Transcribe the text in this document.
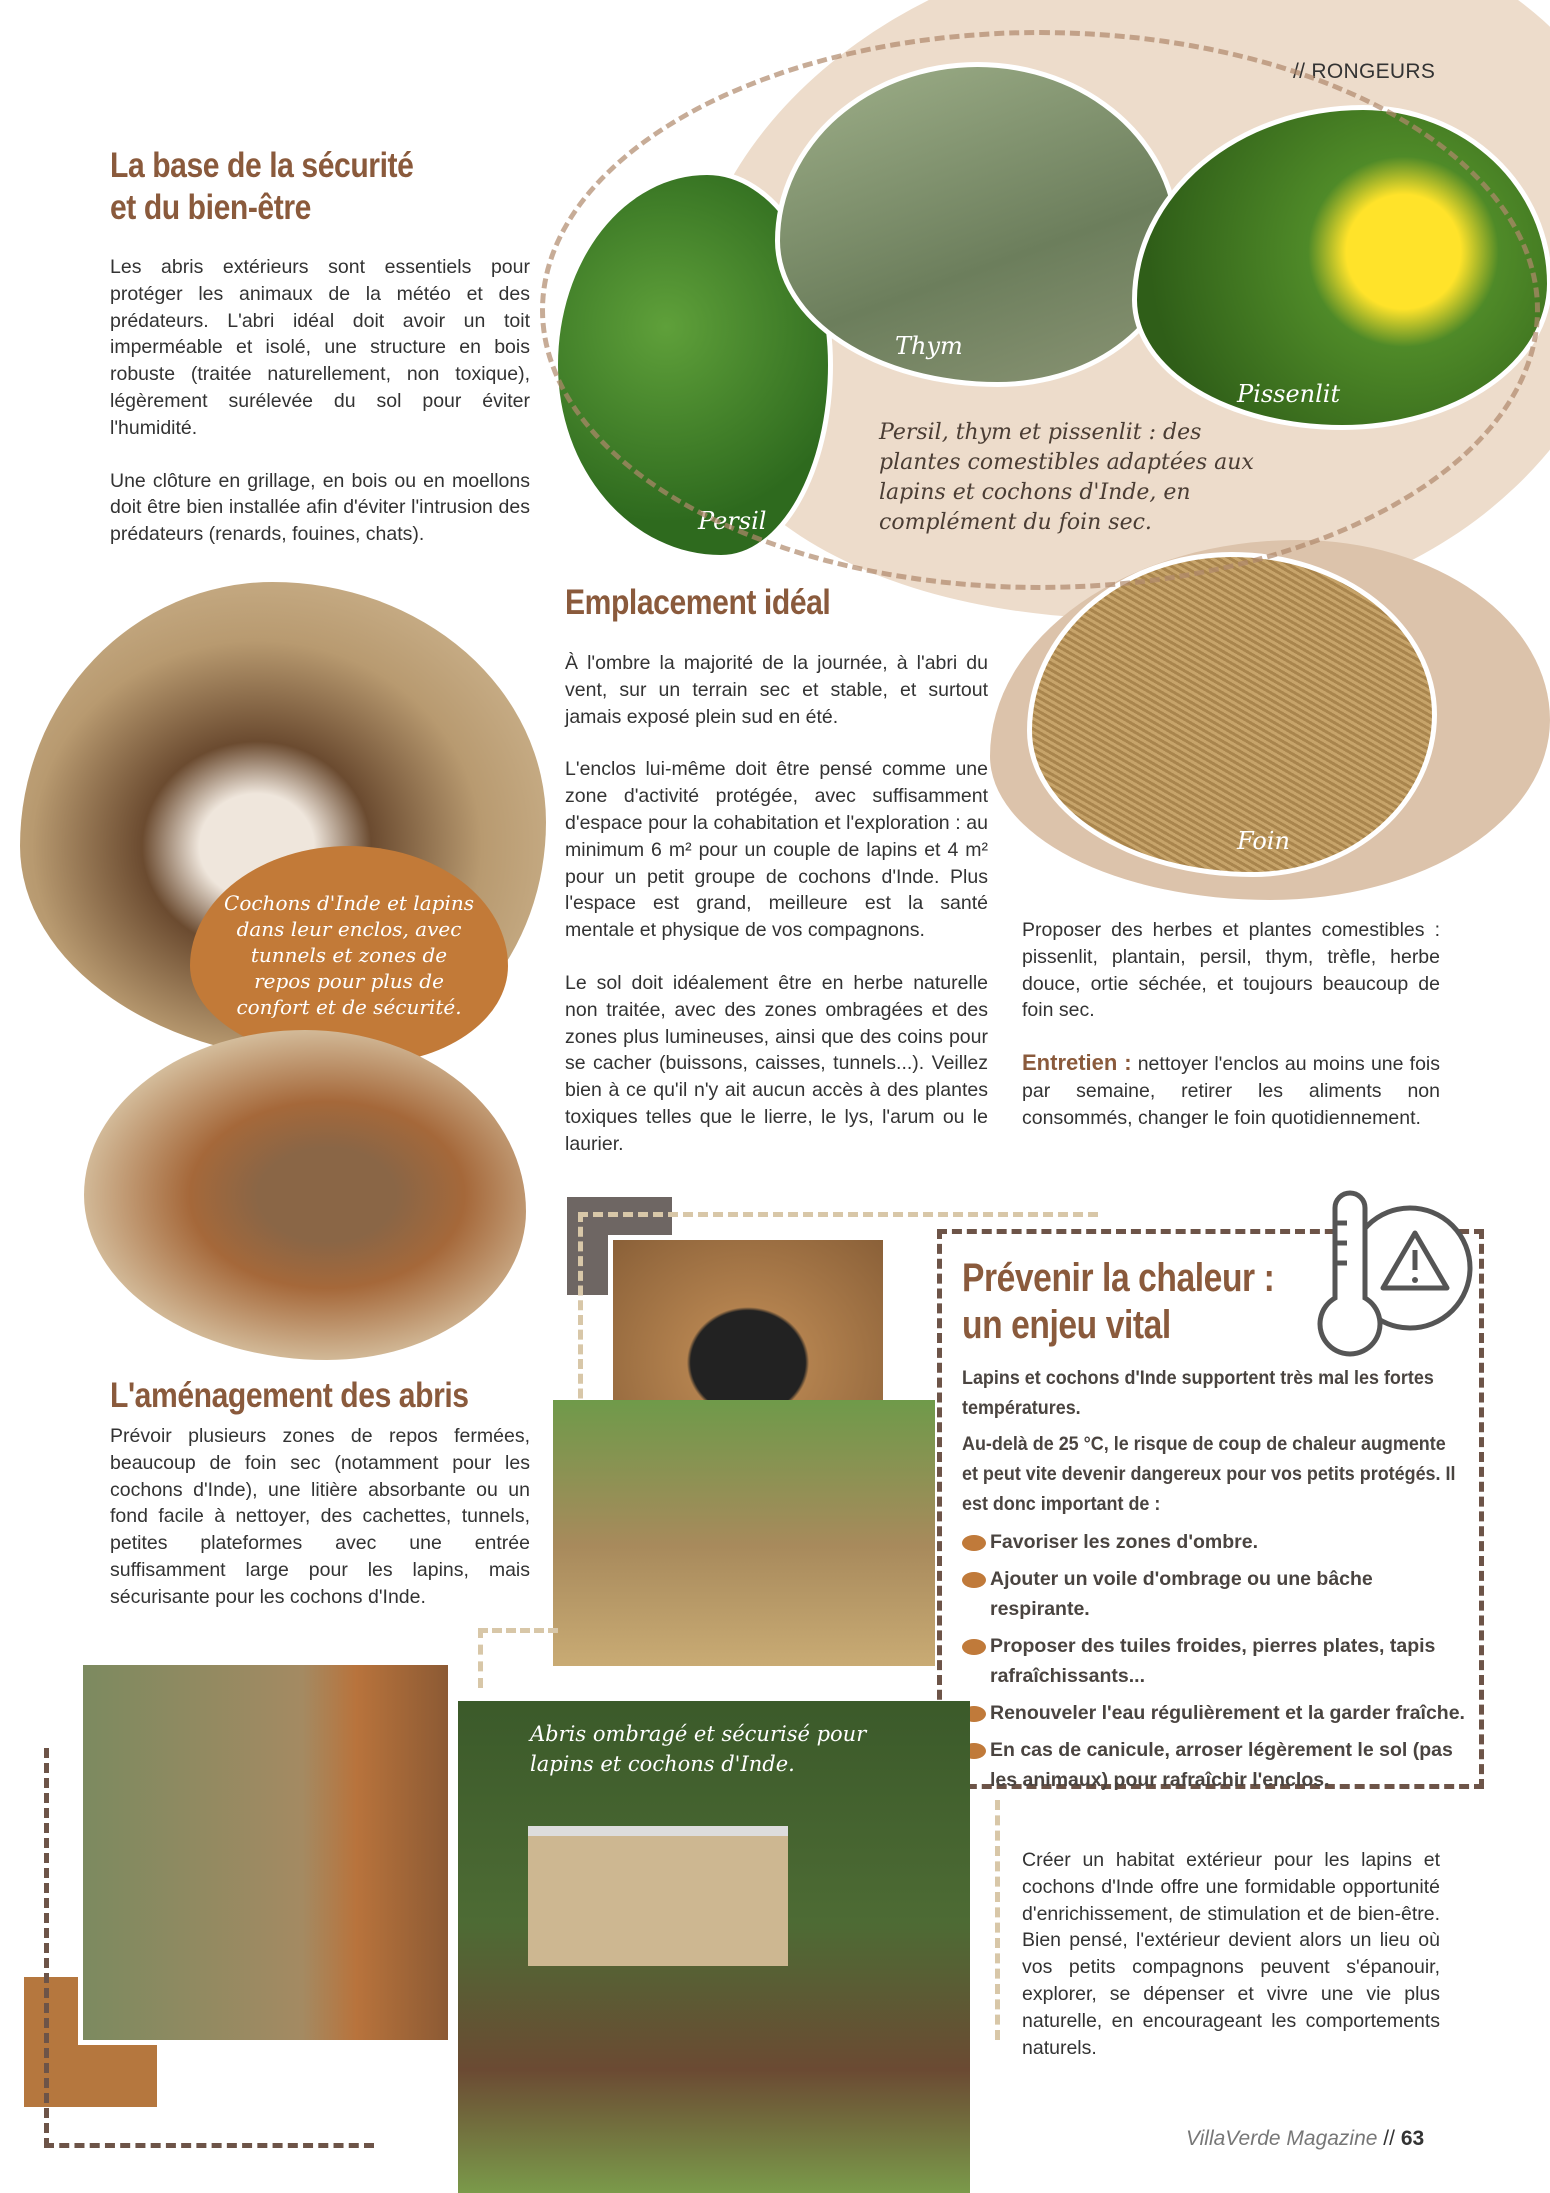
// RONGEURS
La base de la sécurité
et du bien-être

Les abris extérieurs sont essentiels pour protéger les animaux de la météo et des prédateurs. L'abri idéal doit avoir un toit imperméable et isolé, une structure en bois robuste (traitée naturellement, non toxique), légèrement surélevée du sol pour éviter l'humidité.

Une clôture en grillage, en bois ou en moellons doit être bien installée afin d'éviter l'intrusion des prédateurs (renards, fouines, chats).	Persil
Thym
Pissenlit
Foin
Persil, thym et pissenlit : des plantes comestibles adaptées aux lapins et cochons d'Inde, en complément du foin sec.
Emplacement idéal

À l'ombre la majorité de la journée, à l'abri du vent, sur un terrain sec et stable, et surtout jamais exposé plein sud en été.

L'enclos lui-même doit être pensé comme une zone d'activité protégée, avec suffisamment d'espace pour la cohabitation et l'exploration : au minimum 6 m² pour un couple de lapins et 4 m² pour un petit groupe de cochons d'Inde. Plus l'espace est grand, meilleure est la santé mentale et physique de vos compagnons.

Le sol doit idéalement être en herbe naturelle non traitée, avec des zones ombragées et des zones plus lumineuses, ainsi que des coins pour se cacher (buissons, caisses, tunnels...). Veillez bien à ce qu'il n'y ait aucun accès à des plantes toxiques telles que le lierre, le lys, l'arum ou le laurier.

Proposer des herbes et plantes comestibles : pissenlit, plantain, persil, thym, trèfle, herbe douce, ortie séchée, et toujours beaucoup de foin sec.

Entretien : nettoyer l'enclos au moins une fois par semaine, retirer les aliments non consommés, changer le foin quotidiennement.

Cochons d'Inde et lapins dans leur enclos, avec tunnels et zones de repos pour plus de confort et de sécurité.
L'aménagement des abris

Prévoir plusieurs zones de repos fermées, beaucoup de foin sec (notamment pour les cochons d'Inde), une litière absorbante ou un fond facile à nettoyer, des cachettes, tunnels, petites plateformes avec une entrée suffisamment large pour les lapins, mais sécurisante pour les cochons d'Inde.

Prévenir la chaleur :
un enjeu vital

Lapins et cochons d'Inde supportent très mal les fortes températures.

Au-delà de 25 °C, le risque de coup de chaleur augmente et peut vite devenir dangereux pour vos petits protégés. Il est donc important de :

Favoriser les zones d'ombre.
Ajouter un voile d'ombrage ou une bâche respirante.
Proposer des tuiles froides, pierres plates, tapis rafraîchissants...
Renouveler l'eau régulièrement et la garder fraîche.
En cas de canicule, arroser légèrement le sol (pas les animaux) pour rafraîchir l'enclos.
Abris ombragé et sécurisé pour lapins et cochons d'Inde.

Créer un habitat extérieur pour les lapins et cochons d'Inde offre une formidable opportunité d'enrichissement, de stimulation et de bien-être. Bien pensé, l'extérieur devient alors un lieu où vos petits compagnons peuvent s'épanouir, explorer, se dépenser et vivre une vie plus naturelle, en encourageant les comportements naturels.

VillaVerde Magazine // 63
